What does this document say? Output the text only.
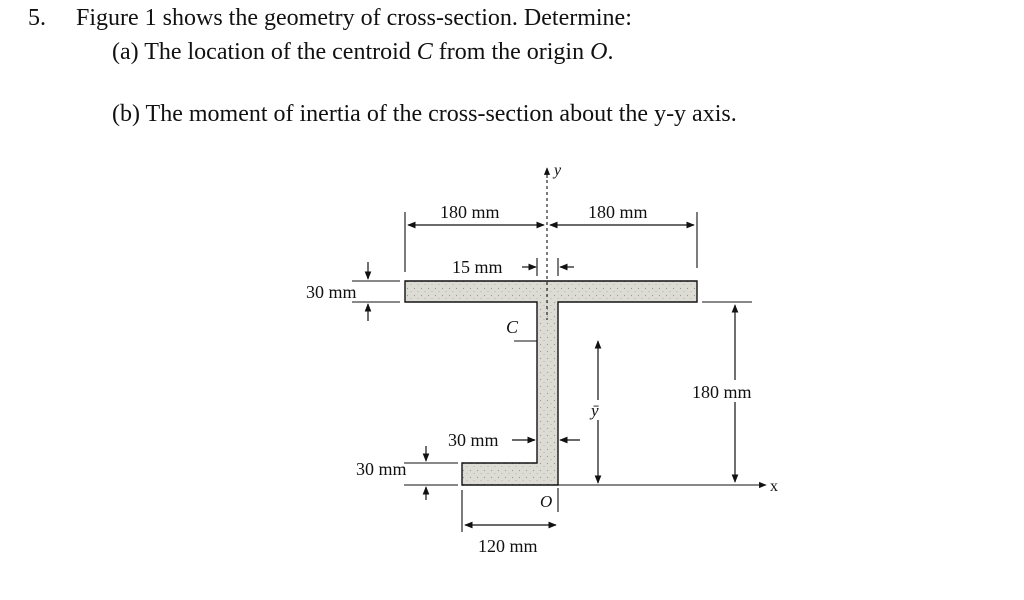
5. Figure 1 shows the geometry of cross-section. Determine:
(a) The location of the centroid C from the origin O.
(b) The moment of inertia of the cross-section about the y-y axis.
y
180 mm	180 mm
15 mm
30 mm
C
ȳ
180 mm
x
30 mm
30 mm
O
120 mm
